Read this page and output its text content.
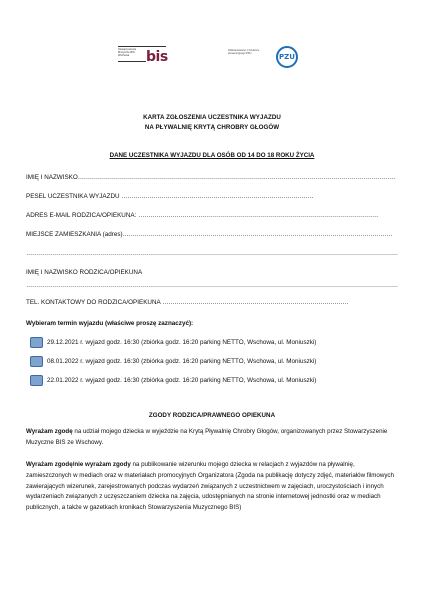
Stowarzyszenie Muzyczne BIS Wschowa	bis	Dofinansowano z funduszu prewencyjnego PZU	PZU
KARTA ZGŁOSZENIA UCZESTNIKA WYJAZDU
NA PŁYWALNIĘ KRYTĄ CHROBRY GŁOGÓW
DANE UCZESTNIKA WYJAZDU DLA OSÓB OD 14 DO 18 ROKU ŻYCIA
IMIĘ I NAZWISKO……………………………………………………………………………………………………………………………………………
PESEL UCZESTNIKA WYJAZDU ……………………………………………………………………………………
ADRES E-MAIL RODZICA/OPIEKUNA: …………………………………………………………………………………………………………
MIEJSCE ZAMIESZKANIA (adres)………………………………………………………………………………………………………………………
……………………………………………………………………………………………………………………………………………………………………
IMIĘ I NAZWISKO RODZICA/OPIEKUNA
……………………………………………………………………………………………………………………………………………………………………
TEL. KONTAKTOWY DO RODZICA/OPIEKUNA …………………………………………………………………………………
Wybieram termin wyjazdu (właściwe proszę zaznaczyć):
29.12.2021 r. wyjazd godz. 16:30 (zbiórka godz. 16:20 parking NETTO, Wschowa, ul. Moniuszki)
08.01.2022 r. wyjazd godz. 16:30 (zbiórka godz. 16:20 parking NETTO, Wschowa, ul. Moniuszki)
22.01.2022 r. wyjazd godz. 16:30 (zbiórka godz. 16:20 parking NETTO, Wschowa, ul. Moniuszki)
ZGODY RODZICA/PRAWNEGO OPIEKUNA
Wyrażam zgodę na udział mojego dziecka w wyjeździe na Krytą Pływalnię Chrobry Głogów, organizowanych przez Stowarzyszenie Muzyczne BIS ze Wschowy.
Wyrażam zgodę/nie wyrażam zgody na publikowanie wizerunku mojego dziecka w relacjach z wyjazdów na pływalnię, zamieszczonych w mediach oraz w materiałach promocyjnych Organizatora (Zgoda na publikację dotyczy zdjęć, materiałów filmowych zawierających wizerunek, zarejestrowanych podczas wydarzeń związanych z uczestnictwem w zajęciach, uroczystościach i innych wydarzeniach związanych z uczęszczaniem dziecka na zajęcia, udostępnianych na stronie internetowej jednostki oraz w mediach publicznych, a także w gazetkach kronikach Stowarzyszenia Muzycznego BIS)
